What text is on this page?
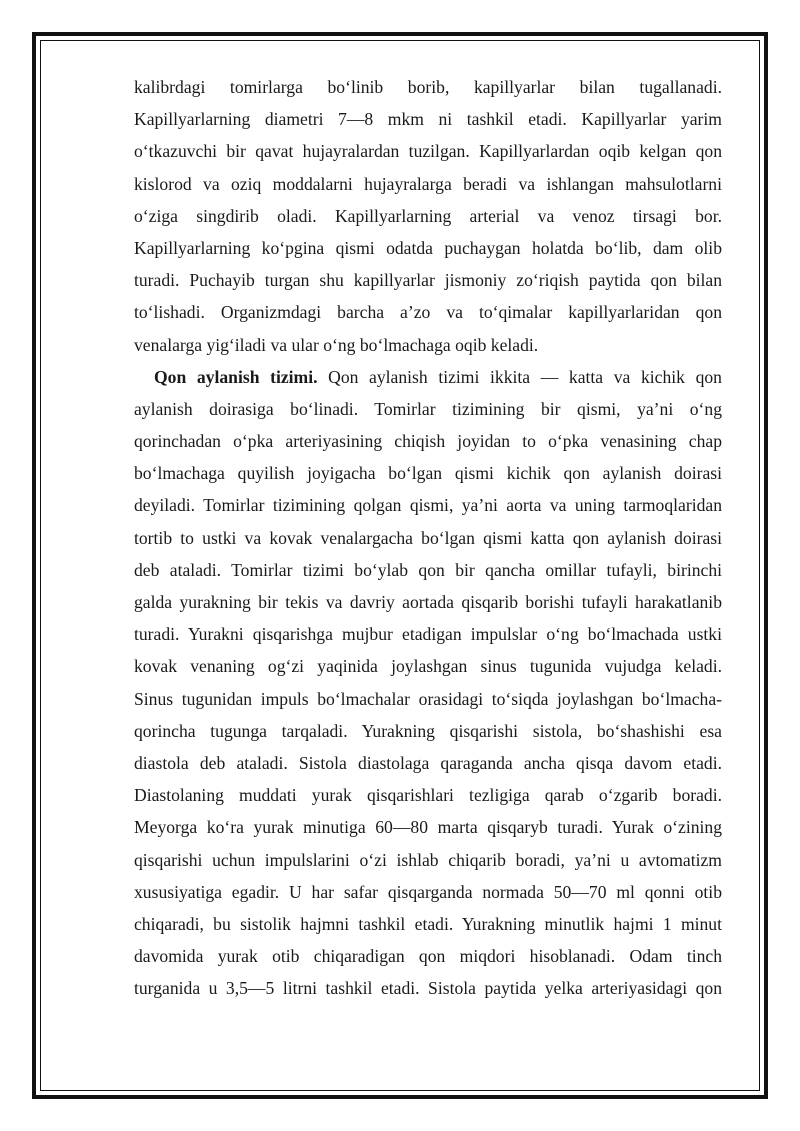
kalibrdagi tomirlarga bo‘linib borib, kapillyarlar bilan tugallanadi.
Kapillyarlarning diametri 7—8 mkm ni tashkil etadi. Kapillyarlar yarim
o‘tkazuvchi bir qavat hujayralardan tuzilgan. Kapillyarlardan oqib kelgan qon
kislorod va oziq moddalarni hujayralarga beradi va ishlangan mahsulotlarni
o‘ziga singdirib oladi. Kapillyarlarning arterial va venoz tirsagi bor.
Kapillyarlarning ko‘pgina qismi odatda puchaygan holatda bo‘lib, dam olib
turadi. Puchayib turgan shu kapillyarlar jismoniy zo‘riqish paytida qon bilan
to‘lishadi. Organizmdagi barcha a’zo va to‘qimalar kapillyarlaridan qon
venalarga yig‘iladi va ular o‘ng bo‘lmachaga oqib keladi.
Qon aylanish tizimi. Qon aylanish tizimi ikkita — katta va kichik qon
aylanish doirasiga bo‘linadi. Tomirlar tizimining bir qismi, ya’ni o‘ng
qorinchadan o‘pka arteriyasining chiqish joyidan to o‘pka venasining chap
bo‘lmachaga quyilish joyigacha bo‘lgan qismi kichik qon aylanish doirasi
deyiladi. Tomirlar tizimining qolgan qismi, ya’ni aorta va uning tarmoqlaridan
tortib to ustki va kovak venalargacha bo‘lgan qismi katta qon aylanish doirasi
deb ataladi. Tomirlar tizimi bo‘ylab qon bir qancha omillar tufayli, birinchi
galda yurakning bir tekis va davriy aortada qisqarib borishi tufayli harakatlanib
turadi. Yurakni qisqarishga mujbur etadigan impulslar o‘ng bo‘lmachada ustki
kovak venaning og‘zi yaqinida joylashgan sinus tugunida vujudga keladi.
Sinus tugunidan impuls bo‘lmachalar orasidagi to‘siqda joylashgan bo‘lmacha-
qorincha tugunga tarqaladi. Yurakning qisqarishi sistola, bo‘shashishi esa
diastola deb ataladi. Sistola diastolaga qaraganda ancha qisqa davom etadi.
Diastolaning muddati yurak qisqarishlari tezligiga qarab o‘zgarib boradi.
Meyorga ko‘ra yurak minutiga 60—80 marta qisqaryb turadi. Yurak o‘zining
qisqarishi uchun impulslarini o‘zi ishlab chiqarib boradi, ya’ni u avtomatizm
xususiyatiga egadir. U har safar qisqarganda normada 50—70 ml qonni otib
chiqaradi, bu sistolik hajmni tashkil etadi. Yurakning minutlik hajmi 1 minut
davomida yurak otib chiqaradigan qon miqdori hisoblanadi. Odam tinch
turganida u 3,5—5 litrni tashkil etadi. Sistola paytida yelka arteriyasidagi qon
